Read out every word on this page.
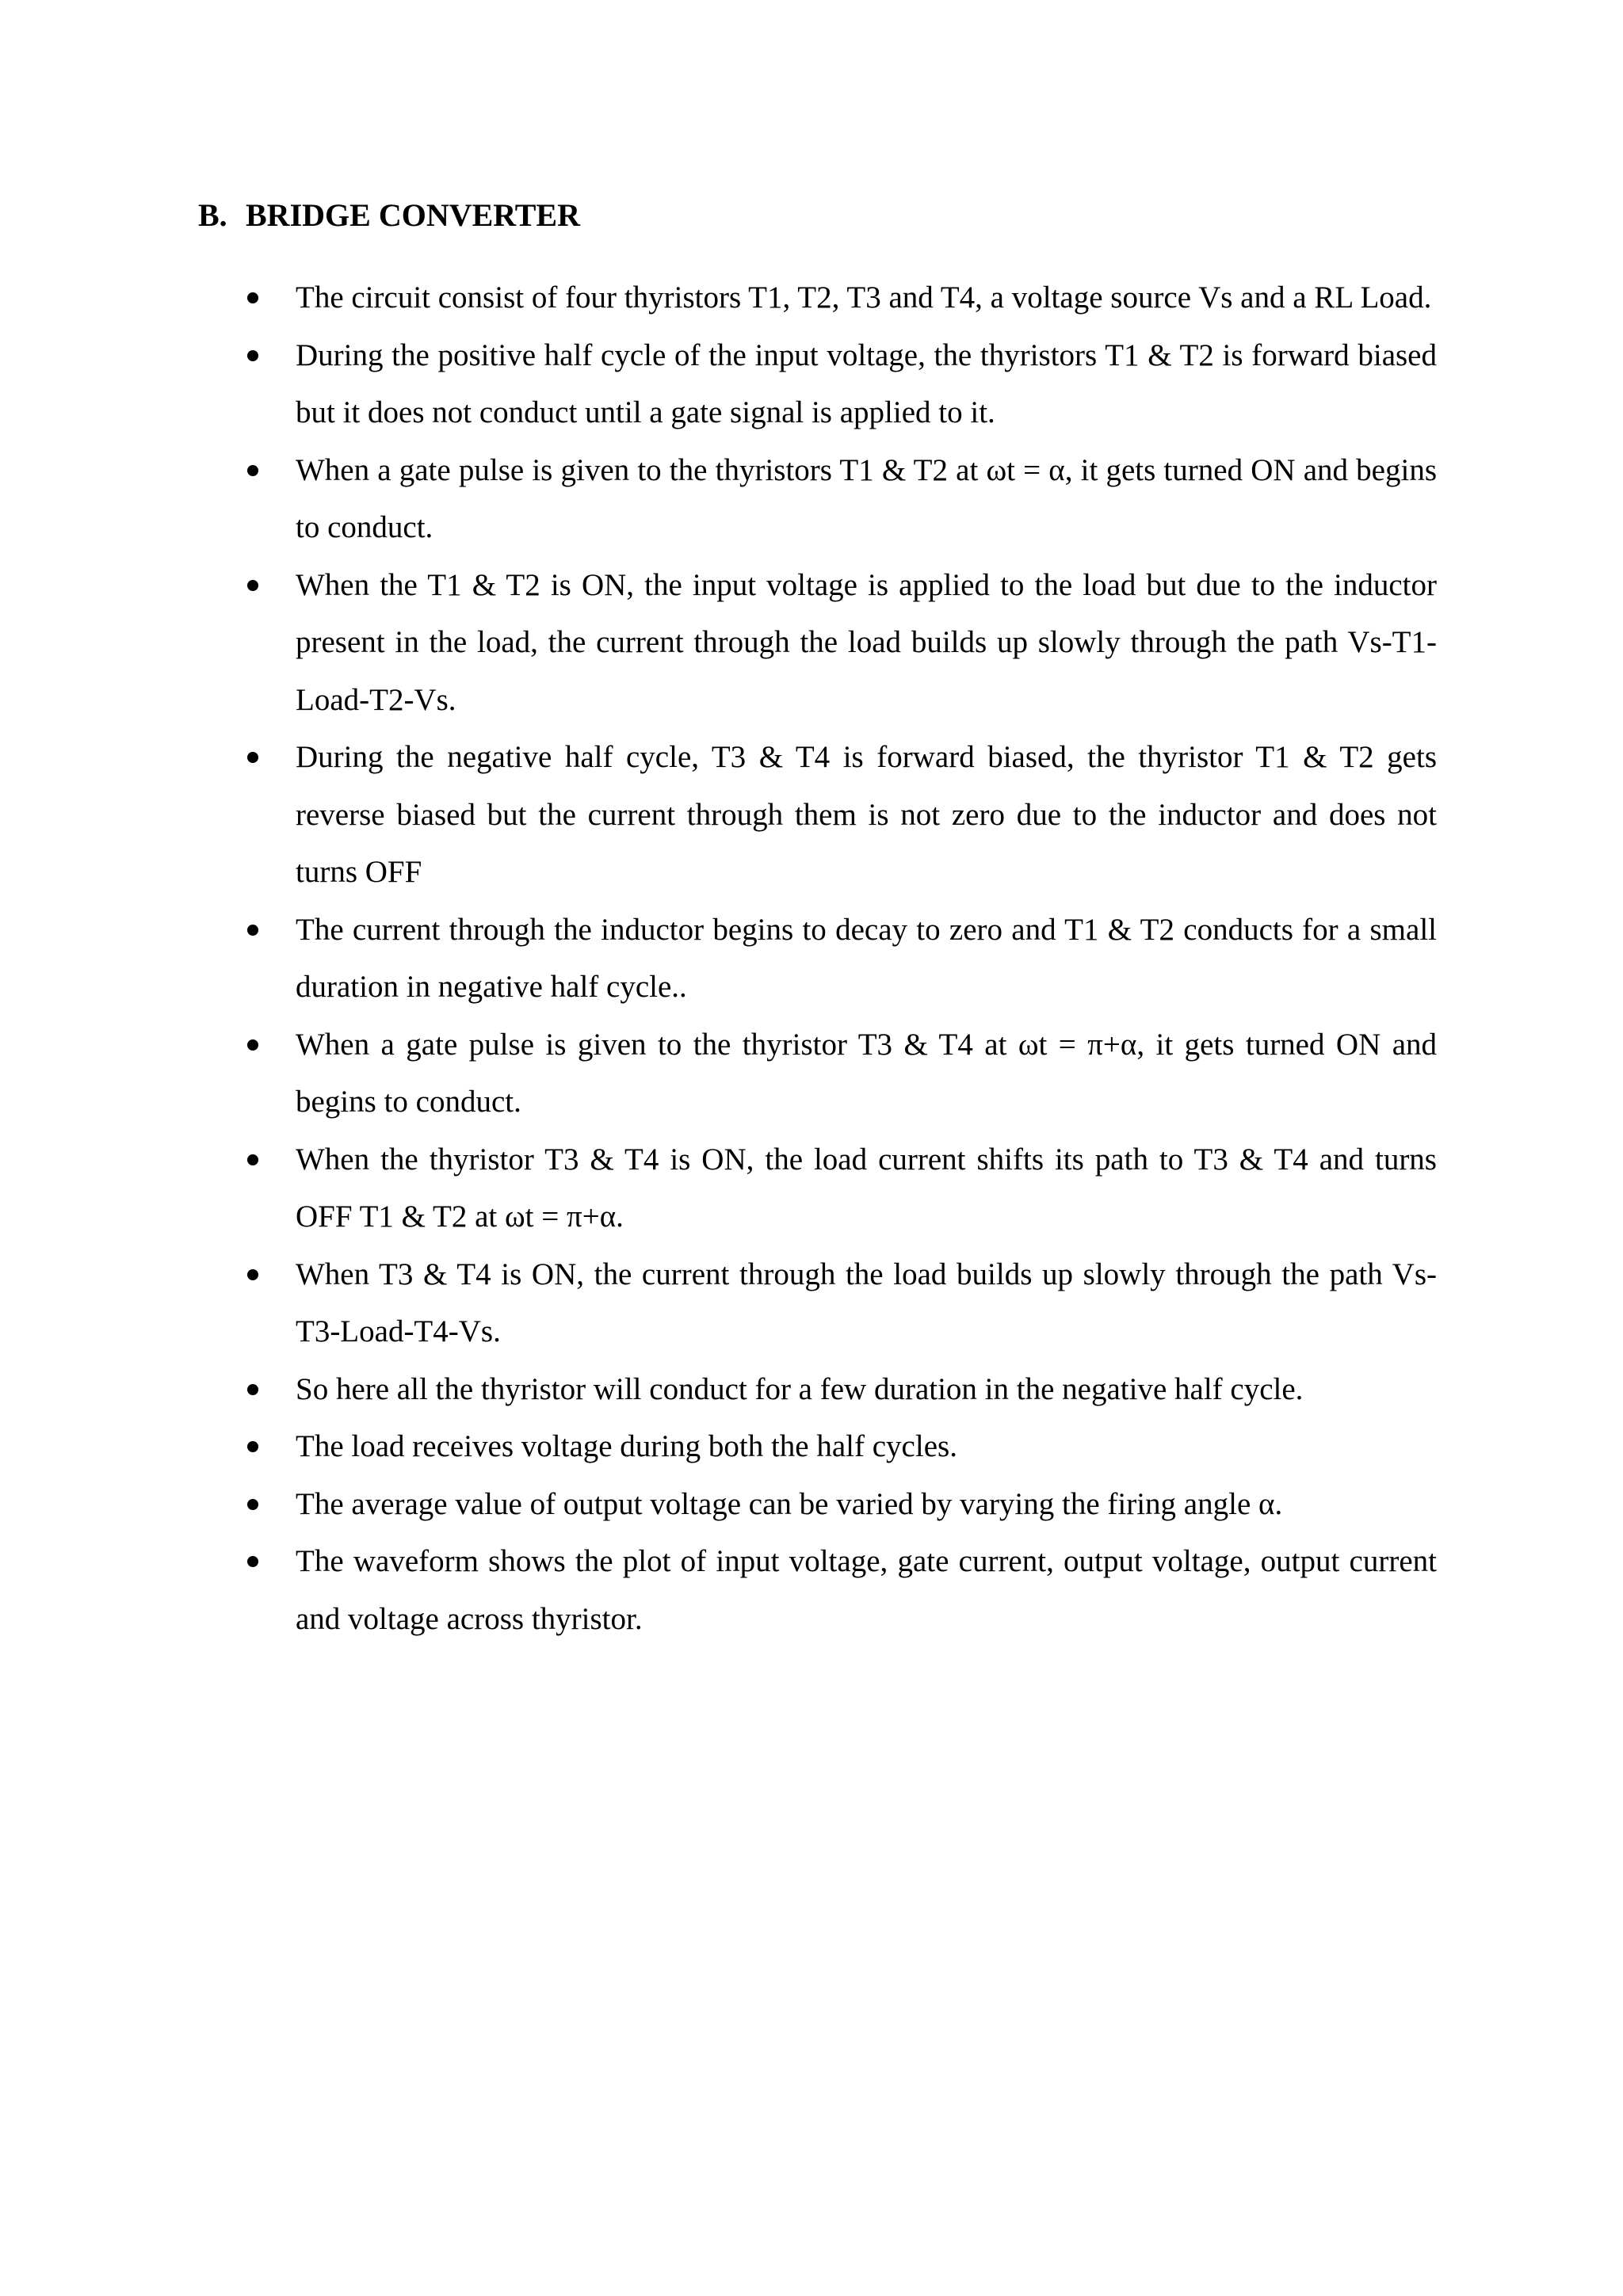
B. BRIDGE CONVERTER
The circuit consist of four thyristors T1, T2, T3 and T4, a voltage source Vs and a RL Load.
During the positive half cycle of the input voltage, the thyristors T1 & T2 is forward biased but it does not conduct until a gate signal is applied to it.
When a gate pulse is given to the thyristors T1 & T2 at ωt = α, it gets turned ON and begins to conduct.
When the T1 & T2 is ON, the input voltage is applied to the load but due to the inductor present in the load, the current through the load builds up slowly through the path Vs-T1-Load-T2-Vs.
During the negative half cycle, T3 & T4 is forward biased, the thyristor T1 & T2 gets reverse biased but the current through them is not zero due to the inductor and does not turns OFF
The current through the inductor begins to decay to zero and T1 & T2 conducts for a small duration in negative half cycle..
When a gate pulse is given to the thyristor T3 & T4 at ωt = π+α, it gets turned ON and begins to conduct.
When the thyristor T3 & T4 is ON, the load current shifts its path to T3 & T4 and turns OFF T1 & T2 at ωt = π+α.
When T3 & T4 is ON, the current through the load builds up slowly through the path Vs-T3-Load-T4-Vs.
So here all the thyristor will conduct for a few duration in the negative half cycle.
The load receives voltage during both the half cycles.
The average value of output voltage can be varied by varying the firing angle α.
The waveform shows the plot of input voltage, gate current, output voltage, output current and voltage across thyristor.
